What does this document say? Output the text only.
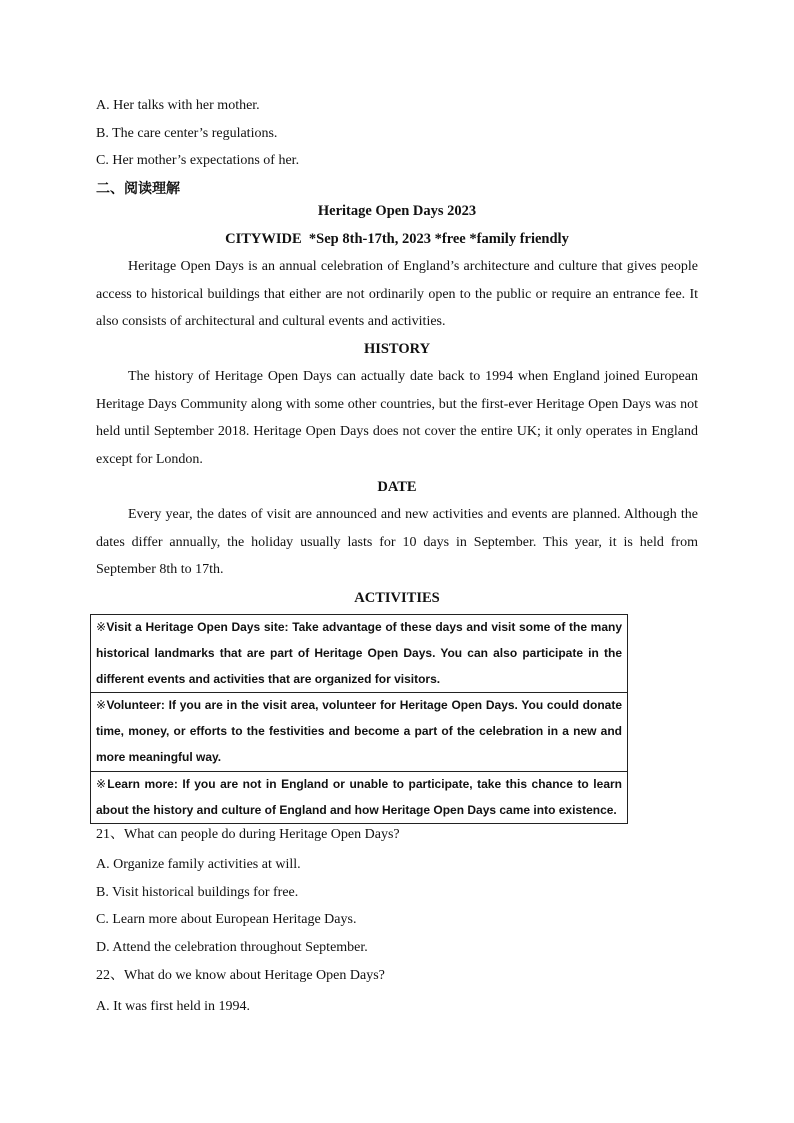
A. Her talks with her mother.
B. The care center’s regulations.
C. Her mother’s expectations of her.
二、阅读理解
Heritage Open Days 2023
CITYWIDE  *Sep 8th-17th, 2023 *free *family friendly
Heritage Open Days is an annual celebration of England’s architecture and culture that gives people access to historical buildings that either are not ordinarily open to the public or require an entrance fee. It also consists of architectural and cultural events and activities.
HISTORY
The history of Heritage Open Days can actually date back to 1994 when England joined European Heritage Days Community along with some other countries, but the first-ever Heritage Open Days was not held until September 2018. Heritage Open Days does not cover the entire UK; it only operates in England except for London.
DATE
Every year, the dates of visit are announced and new activities and events are planned. Although the dates differ annually, the holiday usually lasts for 10 days in September. This year, it is held from September 8th to 17th.
ACTIVITIES
※Visit a Heritage Open Days site: Take advantage of these days and visit some of the many historical landmarks that are part of Heritage Open Days. You can also participate in the different events and activities that are organized for visitors.
※Volunteer: If you are in the visit area, volunteer for Heritage Open Days. You could donate time, money, or efforts to the festivities and become a part of the celebration in a new and more meaningful way.
※Learn more: If you are not in England or unable to participate, take this chance to learn about the history and culture of England and how Heritage Open Days came into existence.
21、What can people do during Heritage Open Days?
A. Organize family activities at will.
B. Visit historical buildings for free.
C. Learn more about European Heritage Days.
D. Attend the celebration throughout September.
22、What do we know about Heritage Open Days?
A. It was first held in 1994.
